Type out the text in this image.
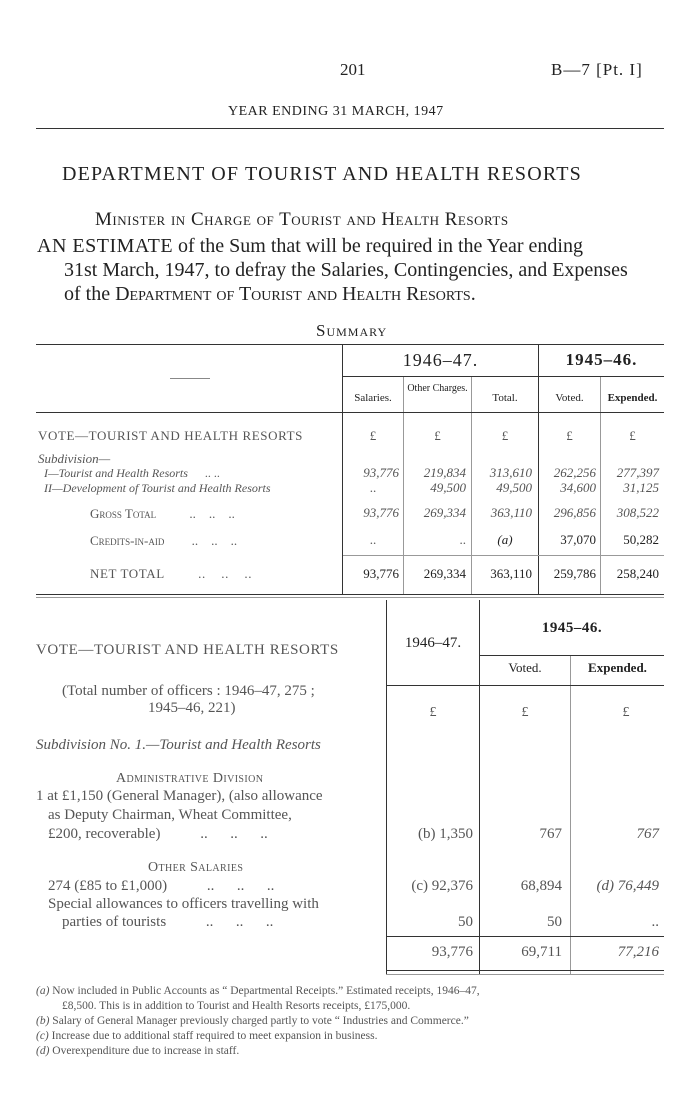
201	B—7 [Pt. I]
YEAR ENDING 31 MARCH, 1947
DEPARTMENT OF TOURIST AND HEALTH RESORTS
Minister in Charge of Tourist and Health Resorts
AN ESTIMATE of the Sum that will be required in the Year ending
31st March, 1947, to defray the Salaries, Contingencies, and Expenses
of the Department of Tourist and Health Resorts.
Summary
1946–47.	1945–46.
Salaries.
Other Charges.
Total.	Voted.	Expended.
VOTE—TOURIST AND HEALTH RESORTS	£	£	£	£	£
Subdivision—
I—Tourist and Health Resorts .. ..	93,776	219,834	313,610	262,256	277,397
II—Development of Tourist and Health Resorts	..	49,500	49,500	34,600	31,125
Gross Total	..    ..    ..	93,776	269,334	363,110	296,856	308,522
Credits-in-aid ..    ..    ..	..	..	(a)	37,070	50,282
NET TOTAL	..    ..    ..	93,776	269,334	363,110	259,786	258,240
1946–47.
1945–46.
Voted.	Expended.
VOTE—TOURIST AND HEALTH RESORTS
(Total number of officers : 1946–47, 275 ;
1945–46, 221)	£	£	£
Subdivision No. 1.—Tourist and Health Resorts
Administrative Division
1 at £1,150 (General Manager), (also allowance
as Deputy Chairman, Wheat Committee,
£200, recoverable)	..      ..      ..	(b) 1,350	767	767
Other Salaries
274 (£85 to £1,000)	..      ..      ..	(c) 92,376	68,894	(d) 76,449
Special allowances to officers travelling with
parties of tourists	..      ..      ..	50	50	..
93,776	69,711	77,216
(a) Now included in Public Accounts as “ Departmental Receipts.” Estimated receipts, 1946–47,
£8,500. This is in addition to Tourist and Health Resorts receipts, £175,000.
(b) Salary of General Manager previously charged partly to vote “ Industries and Commerce.”
(c) Increase due to additional staff required to meet expansion in business.
(d) Overexpenditure due to increase in staff.
